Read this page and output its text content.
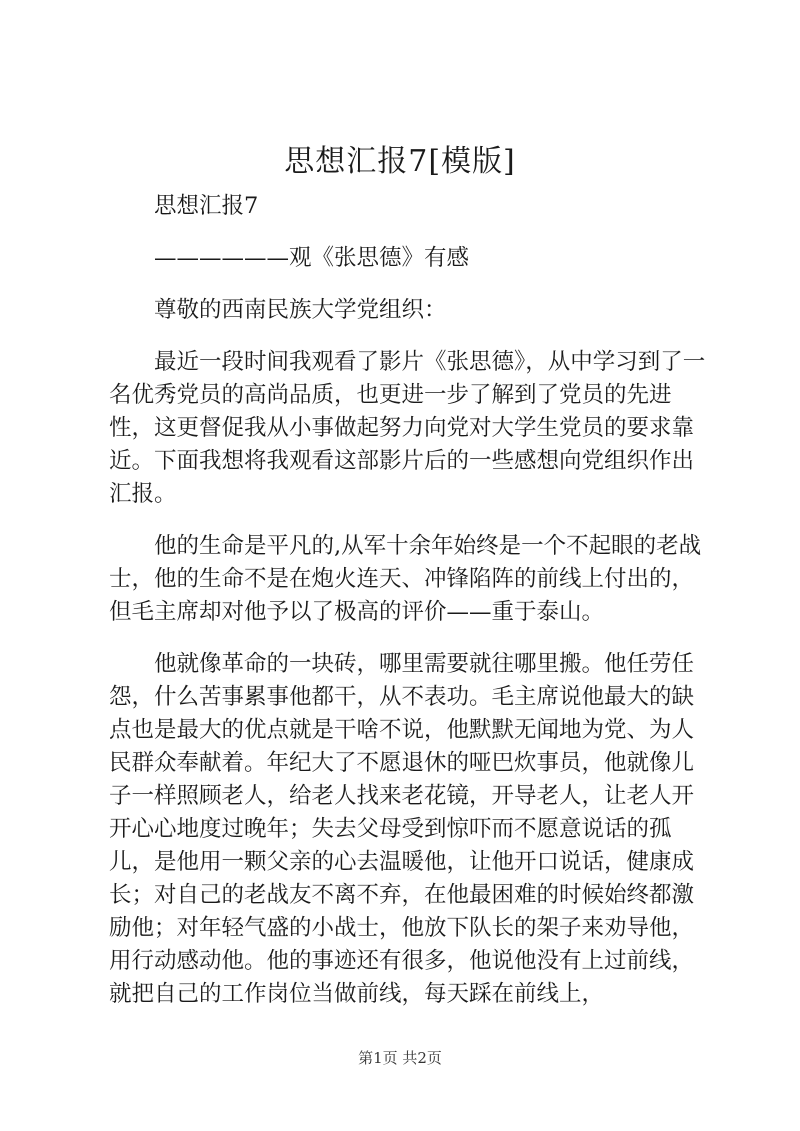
思想汇报7[模版]

思想汇报7

——————观《张思德》有感

尊敬的西南民族大学党组织：

最近一段时间我观看了影片《张思德》，从中学习到了一名优秀党员的高尚品质，也更进一步了解到了党员的先进性，这更督促我从小事做起努力向党对大学生党员的要求靠近。下面我想将我观看这部影片后的一些感想向党组织作出汇报。

他的生命是平凡的,从军十余年始终是一个不起眼的老战士，他的生命不是在炮火连天、冲锋陷阵的前线上付出的，但毛主席却对他予以了极高的评价——重于泰山。

他就像革命的一块砖，哪里需要就往哪里搬。他任劳任怨，什么苦事累事他都干，从不表功。毛主席说他最大的缺点也是最大的优点就是干啥不说，他默默无闻地为党、为人民群众奉献着。年纪大了不愿退休的哑巴炊事员，他就像儿子一样照顾老人，给老人找来老花镜，开导老人，让老人开开心心地度过晚年；失去父母受到惊吓而不愿意说话的孤儿，是他用一颗父亲的心去温暖他，让他开口说话，健康成长；对自己的老战友不离不弃，在他最困难的时候始终都激励他；对年轻气盛的小战士，他放下队长的架子来劝导他，用行动感动他。他的事迹还有很多，他说他没有上过前线，就把自己的工作岗位当做前线，每天踩在前线上，

第1页 共2页
